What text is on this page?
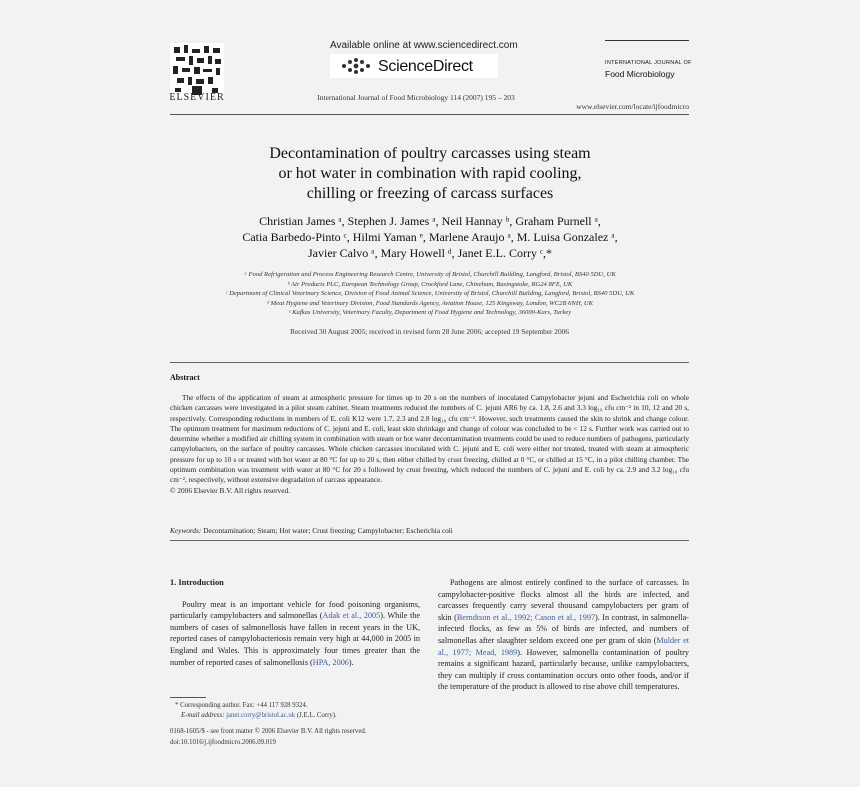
ELSEVIER
Available online at www.sciencedirect.com
ScienceDirect
International Journal of Food Microbiology 114 (2007) 195 – 203
INTERNATIONAL JOURNAL OF
Food Microbiology
www.elsevier.com/locate/ijfoodmicro
Decontamination of poultry carcasses using steam
or hot water in combination with rapid cooling,
chilling or freezing of carcass surfaces
Christian James ᵃ, Stephen J. James ᵃ, Neil Hannay ᵇ, Graham Purnell ᵃ,
Catia Barbedo-Pinto ᶜ, Hilmi Yaman ᵉ, Marlene Araujo ᵃ, M. Luisa Gonzalez ᵃ,
Javier Calvo ᵃ, Mary Howell ᵈ, Janet E.L. Corry ᶜ,*
ᵃ Food Refrigeration and Process Engineering Research Centre, University of Bristol, Churchill Building, Langford, Bristol, BS40 5DU, UK
ᵇ Air Products PLC, European Technology Group, Crockford Lane, Chineham, Basingstoke, RG24 8FE, UK
ᶜ Department of Clinical Veterinary Science, Division of Food Animal Science, University of Bristol, Churchill Building, Langford, Bristol, BS40 5DU, UK
ᵈ Meat Hygiene and Veterinary Division, Food Standards Agency, Aviation House, 125 Kingsway, London, WC2B 6NH, UK
ᵉ Kafkas University, Veterinary Faculty, Department of Food Hygiene and Technology, 36000-Kars, Turkey
Received 30 August 2005; received in revised form 28 June 2006; accepted 19 September 2006
Abstract
The effects of the application of steam at atmospheric pressure for times up to 20 s on the numbers of inoculated Campylobacter jejuni and Escherichia coli on whole chicken carcasses were investigated in a pilot steam cabinet. Steam treatments reduced the numbers of C. jejuni AR6 by ca. 1.8, 2.6 and 3.3 log₁₀ cfu cm⁻² in 10, 12 and 20 s, respectively. Corresponding reductions in numbers of E. coli K12 were 1.7, 2.3 and 2.8 log₁₀ cfu cm⁻². However, such treatments caused the skin to shrink and change colour. The optimum treatment for maximum reductions of C. jejuni and E. coli, least skin shrinkage and change of colour was concluded to be < 12 s. Further work was carried out to determine whether a modified air chilling system in combination with steam or hot water decontamination treatments could be used to reduce numbers of pathogens, particularly campylobacters, on the surface of poultry carcasses. Whole chicken carcasses inoculated with C. jejuni and E. coli were either not treated, treated with steam at atmospheric pressure for up to 10 s or treated with hot water at 80 °C for up to 20 s, then either chilled by crust freezing, chilled at 0 °C, or chilled at 15 °C, in a pilot chilling chamber. The optimum combination was treatment with water at 80 °C for 20 s followed by crust freezing, which reduced the numbers of C. jejuni and E. coli by ca. 2.9 and 3.2 log₁₀ cfu cm⁻², respectively, without extensive degradation of carcass appearance.
© 2006 Elsevier B.V. All rights reserved.
Keywords: Decontamination; Steam; Hot water; Crust freezing; Campylobacter; Escherichia coli
1. Introduction

Poultry meat is an important vehicle for food poisoning organisms, particularly campylobacters and salmonellas (Adak et al., 2005). While the numbers of cases of salmonellosis have fallen in recent years in the UK, reported cases of campylobacteriosis remain very high at 44,000 in 2005 in England and Wales. This is approximately four times greater than the number of reported cases of salmonellosis (HPA, 2006).

Pathogens are almost entirely confined to the surface of carcasses. In campylobacter-positive flocks almost all the birds are infected, and carcasses frequently carry several thousand campylobacters per gram of skin (Berndtson et al., 1992; Cason et al., 1997). In contrast, in salmonella-infected flocks, as few as 5% of birds are infected, and numbers of salmonellas after slaughter seldom exceed one per gram of skin (Mulder et al., 1977; Mead, 1989). However, salmonella contamination of poultry remains a significant hazard, particularly because, unlike campylobacters, they can multiply if cross contamination occurs onto other foods, and/or if the temperature of the product is allowed to rise above chill temperatures.

* Corresponding author. Fax: +44 117 928 9324.
E-mail address: janet.corry@bristol.ac.uk (J.E.L. Corry).
0168-1605/$ - see front matter © 2006 Elsevier B.V. All rights reserved.
doi:10.1016/j.ijfoodmicro.2006.09.019
